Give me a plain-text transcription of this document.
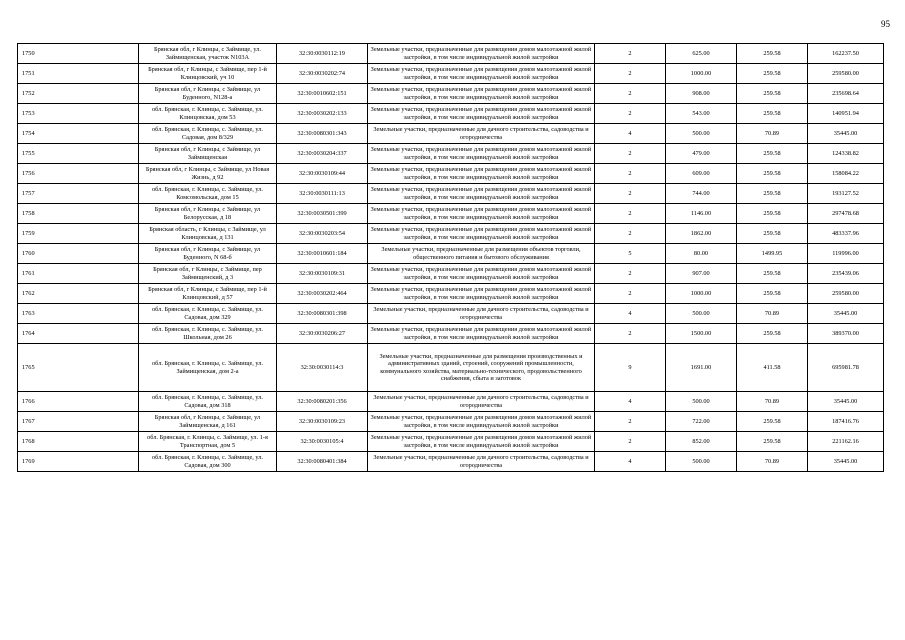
95
1750	Брянская обл, г Клинцы, с Займище, ул. Займищенская, участок N103А	32:30:0030112:19	Земельные участки, предназначенные для размещения домов малоэтажной жилой застройки, в том числе индивидуальной жилой застройки	2	625.00	259.58	162237.50
1751	Брянская обл, г Клинцы, с Займище, пер 1-й Клинцовский, уч 10	32:30:0030202:74	Земельные участки, предназначенные для размещения домов малоэтажной жилой застройки, в том числе индивидуальной жилой застройки	2	1000.00	259.58	259580.00
1752	Брянская обл, г Клинцы, с Займище, ул Буденного, N128-а	32:30:0010602:151	Земельные участки, предназначенные для размещения домов малоэтажной жилой застройки, в том числе индивидуальной жилой застройки	2	908.00	259.58	235698.64
1753	обл. Брянская, г. Клинцы, с. Займище, ул. Клинцовская, дом 53	32:30:0030202:133	Земельные участки, предназначенные для размещения домов малоэтажной жилой застройки, в том числе индивидуальной жилой застройки	2	543.00	259.58	140951.94
1754	обл. Брянская, г. Клинцы, с. Займище, ул. Садовая, дом 8/329	32:30:0080301:343	Земельные участки, предназначенные для дачного строительства, садоводства и огородничества	4	500.00	70.89	35445.00
1755	Брянская обл, г Клинцы, с Займище, ул Займищенская	32:30:0030204:337	Земельные участки, предназначенные для размещения домов малоэтажной жилой застройки, в том числе индивидуальной жилой застройки	2	479.00	259.58	124338.82
1756	Брянская обл, г Клинцы, с Займище, ул Новая Жизнь, д 92	32:30:0030109:44	Земельные участки, предназначенные для размещения домов малоэтажной жилой застройки, в том числе индивидуальной жилой застройки	2	609.00	259.58	158084.22
1757	обл. Брянская, г. Клинцы, с. Займище, ул. Комсомольская, дом 15	32:30:0030111:13	Земельные участки, предназначенные для размещения домов малоэтажной жилой застройки, в том числе индивидуальной жилой застройки	2	744.00	259.58	193127.52
1758	Брянская обл, г Клинцы, с Займище, ул Белорусская, д 18	32:30:0030501:399	Земельные участки, предназначенные для размещения домов малоэтажной жилой застройки, в том числе индивидуальной жилой застройки	2	1146.00	259.58	297478.68
1759	Брянская область, г Клинцы, с Займище, ул Клинцовская, д 131	32:30:0030203:54	Земельные участки, предназначенные для размещения домов малоэтажной жилой застройки, в том числе индивидуальной жилой застройки	2	1862.00	259.58	483337.96
1760	Брянская обл, г Клинцы, с Займище, ул Буденного, N 68-б	32:30:0010601:184	Земельные участки, предназначенные для размещения объектов торговли, общественного питания и бытового обслуживания	5	80.00	1499.95	119996.00
1761	Брянская обл, г Клинцы, с Займище, пер Займищенский, д 3	32:30:0030109:31	Земельные участки, предназначенные для размещения домов малоэтажной жилой застройки, в том числе индивидуальной жилой застройки	2	907.00	259.58	235439.06
1762	Брянская обл, г Клинцы, с Займище, пер 1-й Клинцовский, д 57	32:30:0030202:464	Земельные участки, предназначенные для размещения домов малоэтажной жилой застройки, в том числе индивидуальной жилой застройки	2	1000.00	259.58	259580.00
1763	обл. Брянская, г. Клинцы, с. Займище, ул. Садовая, дом 329	32:30:0080301:398	Земельные участки, предназначенные для дачного строительства, садоводства и огородничества	4	500.00	70.89	35445.00
1764	обл. Брянская, г. Клинцы, с. Займище, ул. Школьная, дом 26	32:30:0030206:27	Земельные участки, предназначенные для размещения домов малоэтажной жилой застройки, в том числе индивидуальной жилой застройки	2	1500.00	259.58	389370.00
1765	обл. Брянская, г. Клинцы, с. Займище, ул. Займищенская, дом 2-а	32:30:0030114:3	Земельные участки, предназначенные для размещения производственных и административных зданий, строений, сооружений промышленности, коммунального хозяйства, материально-технического, продовольственного снабжения, сбыта и заготовок	9	1691.00	411.58	695981.78
1766	обл. Брянская, г. Клинцы, с. Займище, ул. Садовая, дом 318	32:30:0080201:356	Земельные участки, предназначенные для дачного строительства, садоводства и огородничества	4	500.00	70.89	35445.00
1767	Брянская обл, г Клинцы, с Займище, ул Займищенская, д 161	32:30:0030109:23	Земельные участки, предназначенные для размещения домов малоэтажной жилой застройки, в том числе индивидуальной жилой застройки	2	722.00	259.58	187416.76
1768	обл. Брянская, г. Клинцы, с. Займище, ул. 1-я Транспортная, дом 5	32:30:0030105:4	Земельные участки, предназначенные для размещения домов малоэтажной жилой застройки, в том числе индивидуальной жилой застройки	2	852.00	259.58	221162.16
1769	обл. Брянская, г. Клинцы, с. Займище, ул. Садовая, дом 300	32:30:0080401:384	Земельные участки, предназначенные для дачного строительства, садоводства и огородничества	4	500.00	70.89	35445.00
